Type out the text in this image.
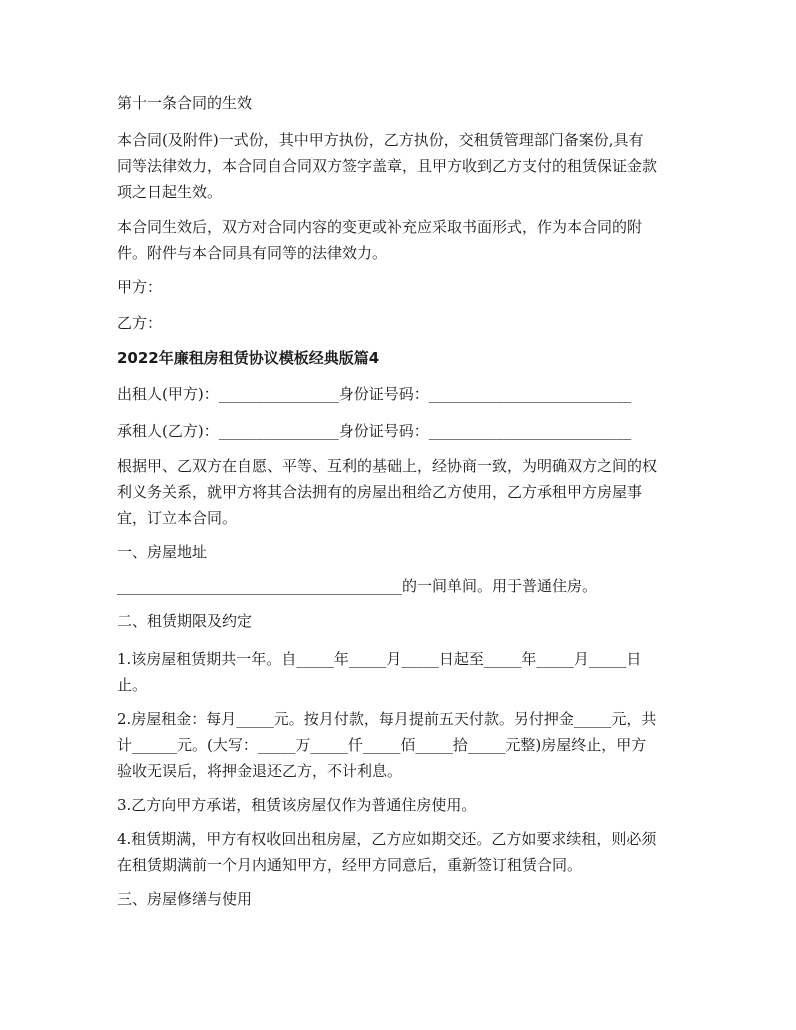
第十一条合同的生效
本合同(及附件)一式份，其中甲方执份，乙方执份，交租赁管理部门备案份,具有
同等法律效力，本合同自合同双方签字盖章，且甲方收到乙方支付的租赁保证金款
项之日起生效。
本合同生效后，双方对合同内容的变更或补充应采取书面形式，作为本合同的附
件。附件与本合同具有同等的法律效力。
甲方：
乙方：
2022年廉租房租赁协议模板经典版篇4
出租人(甲方)：________________身份证号码：___________________________
承租人(乙方)：________________身份证号码：___________________________
根据甲、乙双方在自愿、平等、互利的基础上，经协商一致，为明确双方之间的权
利义务关系，就甲方将其合法拥有的房屋出租给乙方使用，乙方承租甲方房屋事
宜，订立本合同。
一、房屋地址
______________________________________的一间单间。用于普通住房。
二、租赁期限及约定
1.该房屋租赁期共一年。自_____年_____月_____日起至_____年_____月_____日
止。
2.房屋租金：每月_____元。按月付款，每月提前五天付款。另付押金_____元，共
计______元。(大写：_____万_____仟_____佰_____拾_____元整)房屋终止，甲方
验收无误后，将押金退还乙方，不计利息。
3.乙方向甲方承诺，租赁该房屋仅作为普通住房使用。
4.租赁期满，甲方有权收回出租房屋，乙方应如期交还。乙方如要求续租，则必须
在租赁期满前一个月内通知甲方，经甲方同意后，重新签订租赁合同。
三、房屋修缮与使用
